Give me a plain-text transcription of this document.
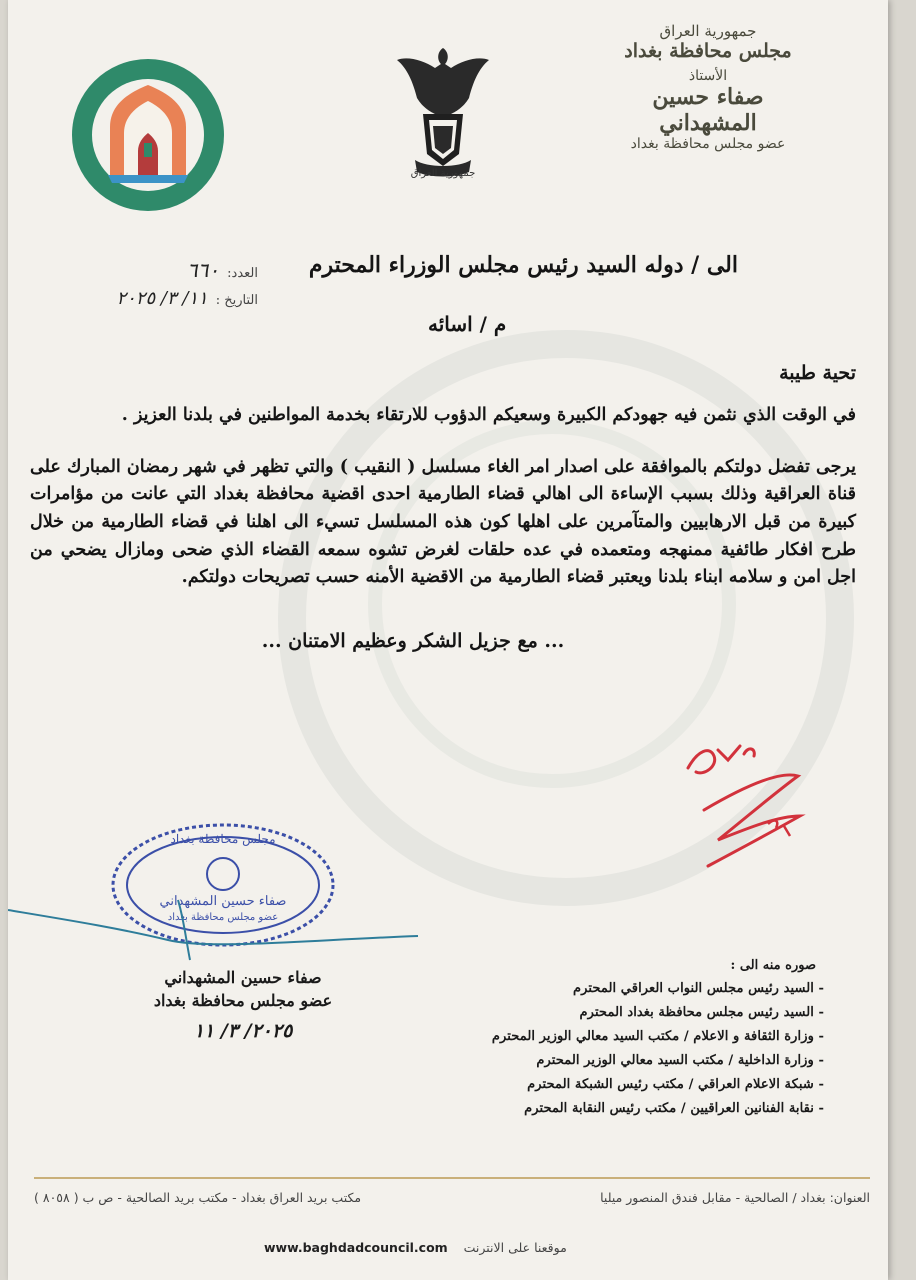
جمهورية العراق
مجلس محافظة بغداد
الأستاذ
صفاء حسين المشهداني
عضو مجلس محافظة بغداد
جمهورية العراق
العدد:
٦٦٠
التاريخ :
١١/ ٣/ ٢٠٢٥
الى / دوله السيد رئيس مجلس الوزراء المحترم
م / اسائه
تحية طيبة

في الوقت الذي نثمن فيه جهودكم الكبيرة وسعيكم الدؤوب للارتقاء بخدمة المواطنين في بلدنا العزيز .

يرجى تفضل دولتكم بالموافقة على اصدار امر الغاء مسلسل ( النقيب ) والتي تظهر في شهر رمضان المبارك على قناة العراقية وذلك بسبب الإساءة الى اهالي قضاء الطارمية احدى اقضية محافظة بغداد التي عانت من مؤامرات كبيرة من قبل الارهابيين والمتآمرين على اهلها كون هذه المسلسل تسيء الى اهلنا في قضاء الطارمية من خلال طرح افكار طائفية ممنهجه ومتعمده في عده حلقات لغرض تشوه سمعه القضاء الذي ضحى ومازال يضحي من اجل امن و سلامه ابناء بلدنا ويعتبر قضاء الطارمية من الاقضية الأمنه حسب تصريحات دولتكم.

... مع جزيل الشكر وعظيم الامتنان ...
مجلس محافظة بغداد
صفاء حسين المشهداني
عضو مجلس محافظة بغداد
صفاء حسين المشهداني
عضو مجلس محافظة بغداد
٢٠٢٥/ ٣/ ١١
صوره منه الى :
- السيد رئيس مجلس النواب العراقي المحترم
- السيد رئيس مجلس محافظة بغداد المحترم
- وزارة الثقافة و الاعلام / مكتب السيد معالي الوزير المحترم
- وزارة الداخلية / مكتب السيد معالي الوزير المحترم
- شبكة الاعلام العراقي / مكتب رئيس الشبكة المحترم
- نقابة الفنانين العراقيين / مكتب رئيس النقابة المحترم
العنوان: بغداد / الصالحية - مقابل فندق المنصور ميليا
مكتب بريد العراق بغداد - مكتب بريد الصالحية - ص ب ( ٨٠٥٨ )
موقعنا على الانترنت    www.baghdadcouncil.com
